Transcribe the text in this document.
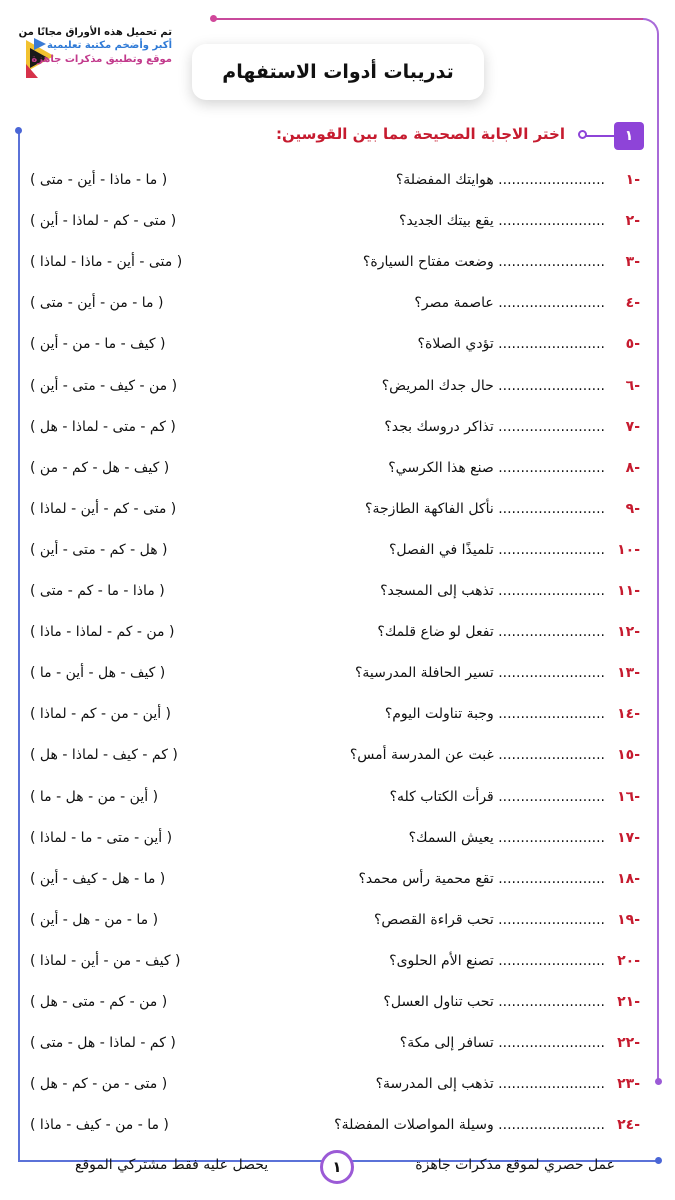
تم تحميل هذه الأوراق مجانًا من
أكبر وأضخم مكتبة تعليمية
موقع وتطبيق مذكرات جاهزة
تدريبات أدوات الاستفهام
١
اختر الاجابة الصحيحة مما بين القوسين:
-١
........................ هوايتك المفضلة؟
( ما - ماذا - أين - متى )
-٢
........................ يقع بيتك الجديد؟
( متى - كم - لماذا - أين )
-٣
........................ وضعت مفتاح السيارة؟
( متى - أين - ماذا - لماذا )
-٤
........................ عاصمة مصر؟
( ما - من - أين - متى )
-٥
........................ تؤدي الصلاة؟
( كيف - ما - من - أين )
-٦
........................ حال جدك المريض؟
( من - كيف - متى - أين )
-٧
........................ تذاكر دروسك بجد؟
( كم - متى - لماذا - هل )
-٨
........................ صنع هذا الكرسي؟
( كيف - هل - كم - من )
-٩
........................ نأكل الفاكهة الطازجة؟
( متى - كم - أين - لماذا )
-١٠
........................ تلميذًا في الفصل؟
( هل - كم - متى - أين )
-١١
........................ تذهب إلى المسجد؟
( ماذا - ما - كم - متى )
-١٢
........................ تفعل لو ضاع قلمك؟
( من - كم - لماذا - ماذا )
-١٣
........................ تسير الحافلة المدرسية؟
( كيف - هل - أين - ما )
-١٤
........................ وجبة تناولت اليوم؟
( أين - من - كم - لماذا )
-١٥
........................ غبت عن المدرسة أمس؟
( كم - كيف - لماذا - هل )
-١٦
........................ قرأت الكتاب كله؟
( أين - من - هل - ما )
-١٧
........................ يعيش السمك؟
( أين - متى - ما - لماذا )
-١٨
........................ تقع محمية رأس محمد؟
( ما - هل - كيف - أين )
-١٩
........................ تحب قراءة القصص؟
( ما - من - هل - أين )
-٢٠
........................ تصنع الأم الحلوى؟
( كيف - من - أين - لماذا )
-٢١
........................ تحب تناول العسل؟
( من - كم - متى - هل )
-٢٢
........................ تسافر إلى مكة؟
( كم - لماذا - هل - متى )
-٢٣
........................ تذهب إلى المدرسة؟
( متى - من - كم - هل )
-٢٤
........................ وسيلة المواصلات المفضلة؟
( ما - من - كيف - ماذا )
عمل حصري لموقع مذكرات جاهزة
١
يحصل عليه فقط مشتركي الموقع
